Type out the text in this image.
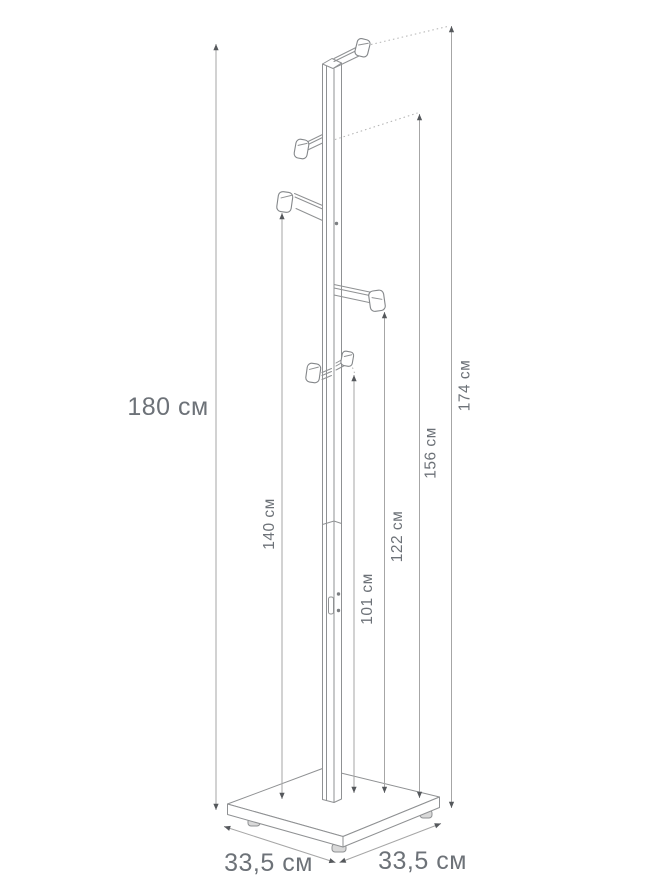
180 см	174 см
156 см
140 см	122 см
101 см
33,5 см	33,5 см
